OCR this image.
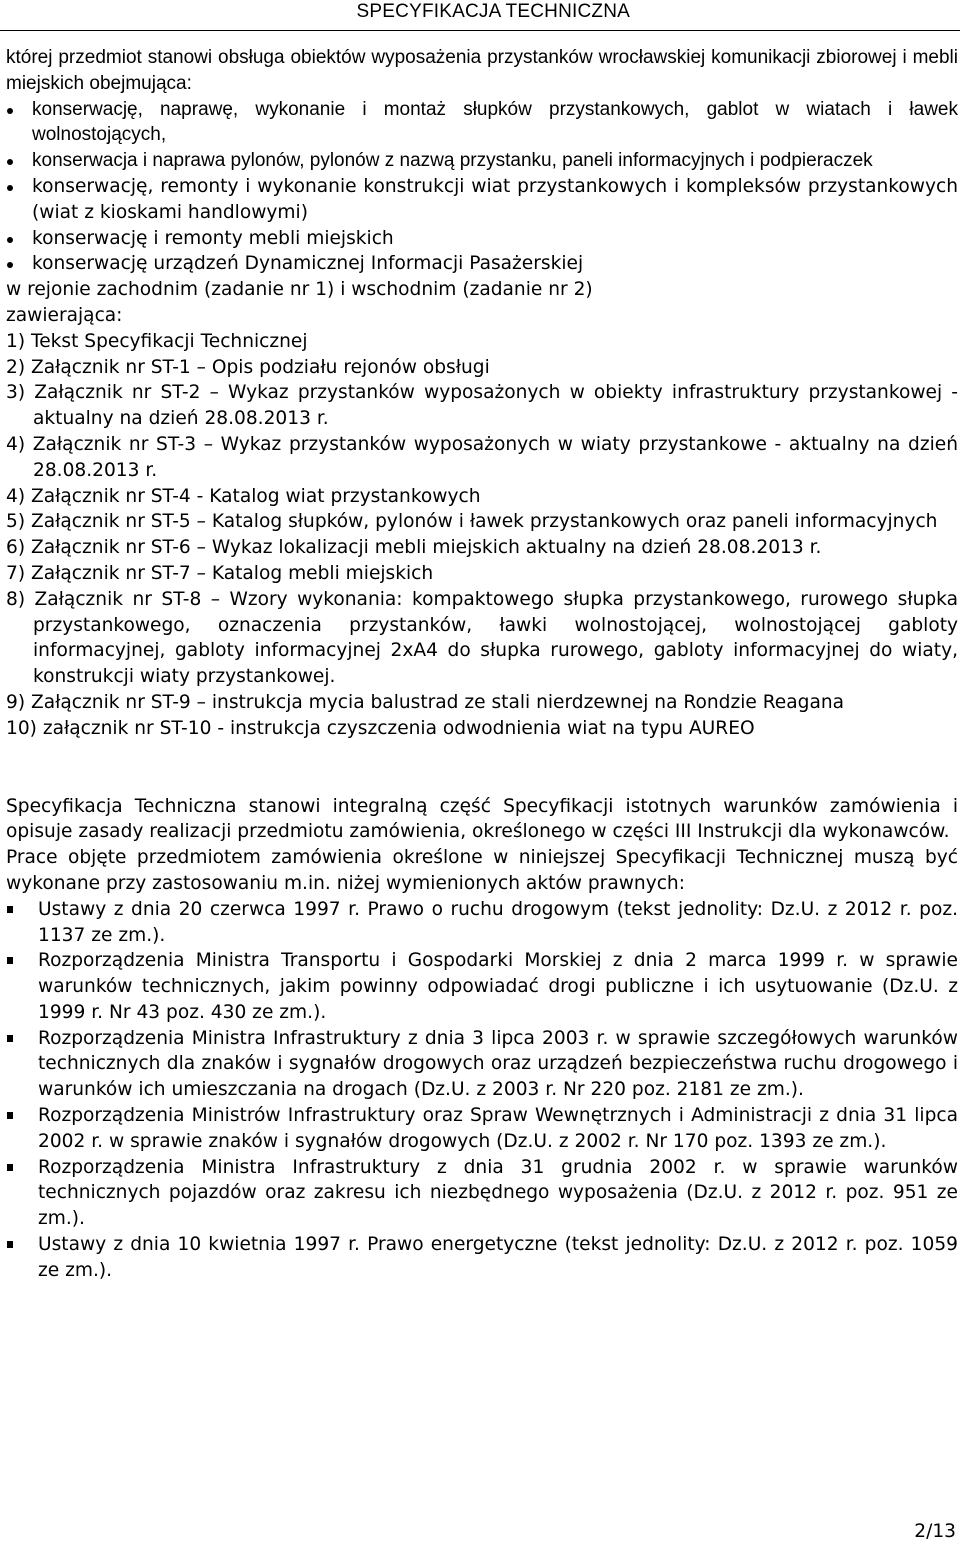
SPECYFIKACJA TECHNICZNA

której przedmiot stanowi obsługa obiektów wyposażenia przystanków wrocławskiej komunikacji zbiorowej i mebli miejskich obejmująca:

konserwację, naprawę, wykonanie i montaż słupków przystankowych, gablot w wiatach i ławek wolnostojących,
konserwacja i naprawa pylonów, pylonów z nazwą przystanku, paneli informacyjnych i podpieraczek
konserwację, remonty i wykonanie konstrukcji wiat przystankowych i kompleksów przystankowych (wiat z kioskami handlowymi)
konserwację i remonty mebli miejskich
konserwację urządzeń Dynamicznej Informacji Pasażerskiej

w rejonie zachodnim (zadanie nr 1) i wschodnim (zadanie nr 2)

zawierająca:

1) Tekst Specyfikacji Technicznej
2) Załącznik nr ST-1 – Opis podziału rejonów obsługi
3) Załącznik nr ST-2 – Wykaz przystanków wyposażonych w obiekty infrastruktury przystankowej - aktualny na dzień 28.08.2013 r.
4) Załącznik nr ST-3 – Wykaz przystanków wyposażonych w wiaty przystankowe - aktualny na dzień 28.08.2013 r.
4) Załącznik nr ST-4 - Katalog wiat przystankowych
5) Załącznik nr ST-5 – Katalog słupków, pylonów i ławek przystankowych oraz paneli informacyjnych
6) Załącznik nr ST-6 – Wykaz lokalizacji mebli miejskich aktualny na dzień 28.08.2013 r.
7) Załącznik nr ST-7 – Katalog mebli miejskich
8) Załącznik nr ST-8 – Wzory wykonania: kompaktowego słupka przystankowego, rurowego słupka przystankowego, oznaczenia przystanków, ławki wolnostojącej, wolnostojącej gabloty informacyjnej, gabloty informacyjnej 2xA4 do słupka rurowego, gabloty informacyjnej do wiaty, konstrukcji wiaty przystankowej.
9) Załącznik nr ST-9 – instrukcja mycia balustrad ze stali nierdzewnej na Rondzie Reagana
10) załącznik nr ST-10 - instrukcja czyszczenia odwodnienia wiat na typu AUREO

Specyfikacja Techniczna stanowi integralną część Specyfikacji istotnych warunków zamówienia i opisuje zasady realizacji przedmiotu zamówienia, określonego w części III Instrukcji dla wykonawców.

Prace objęte przedmiotem zamówienia określone w niniejszej Specyfikacji Technicznej muszą być wykonane przy zastosowaniu m.in. niżej wymienionych aktów prawnych:

Ustawy z dnia 20 czerwca 1997 r. Prawo o ruchu drogowym (tekst jednolity: Dz.U. z 2012 r. poz. 1137 ze zm.).
Rozporządzenia Ministra Transportu i Gospodarki Morskiej z dnia 2 marca 1999 r. w sprawie warunków technicznych, jakim powinny odpowiadać drogi publiczne i ich usytuowanie (Dz.U. z 1999 r. Nr 43 poz. 430 ze zm.).
Rozporządzenia Ministra Infrastruktury z dnia 3 lipca 2003 r. w sprawie szczegółowych warunków technicznych dla znaków i sygnałów drogowych oraz urządzeń bezpieczeństwa ruchu drogowego i warunków ich umieszczania na drogach (Dz.U. z 2003 r. Nr 220 poz. 2181 ze zm.).
Rozporządzenia Ministrów Infrastruktury oraz Spraw Wewnętrznych i Administracji z dnia 31 lipca 2002 r. w sprawie znaków i sygnałów drogowych (Dz.U. z 2002 r. Nr 170 poz. 1393 ze zm.).
Rozporządzenia Ministra Infrastruktury z dnia 31 grudnia 2002 r. w sprawie warunków technicznych pojazdów oraz zakresu ich niezbędnego wyposażenia (Dz.U. z 2012 r. poz. 951 ze zm.).
Ustawy z dnia 10 kwietnia 1997 r. Prawo energetyczne (tekst jednolity: Dz.U. z 2012 r. poz. 1059 ze zm.).
2/13
